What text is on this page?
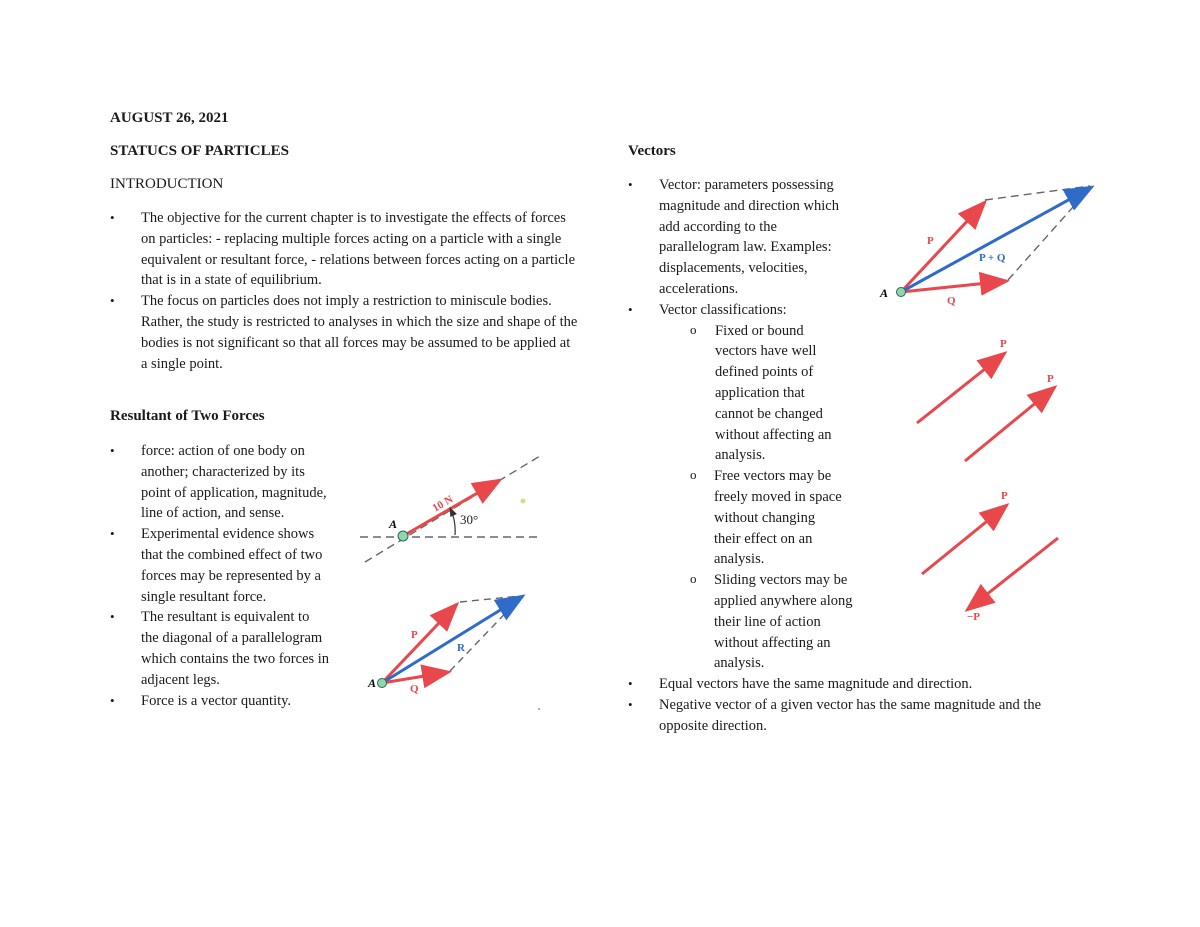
AUGUST 26, 2021
STATUCS OF PARTICLES
INTRODUCTION
• The objective for the current chapter is to investigate the effects of forces on particles: - replacing multiple forces acting on a particle with a single equivalent or resultant force, - relations between forces acting on a particle that is in a state of equilibrium.
• The focus on particles does not imply a restriction to miniscule bodies. Rather, the study is restricted to analyses in which the size and shape of the bodies is not significant so that all forces may be assumed to be applied at a single point.
Resultant of Two Forces
• force: action of one body on another; characterized by its point of application, magnitude, line of action, and sense.
• Experimental evidence shows that the combined effect of two forces may be represented by a single resultant force.
• The resultant is equivalent to the diagonal of a parallelogram which contains the two forces in adjacent legs.
• Force is a vector quantity.
A
10 N
30°
A
P
Q
R
Vectors
• Vector: parameters possessing magnitude and direction which add according to the parallelogram law. Examples: displacements, velocities, accelerations.
• Vector classifications:
o Fixed or bound vectors have well defined points of application that cannot be changed without affecting an analysis.
o Free vectors may be freely moved in space without changing their effect on an analysis.
o Sliding vectors may be applied anywhere along their line of action without affecting an analysis.
• Equal vectors have the same magnitude and direction.
• Negative vector of a given vector has the same magnitude and the opposite direction.
A
P
Q
P + Q
P
P
P
−P
